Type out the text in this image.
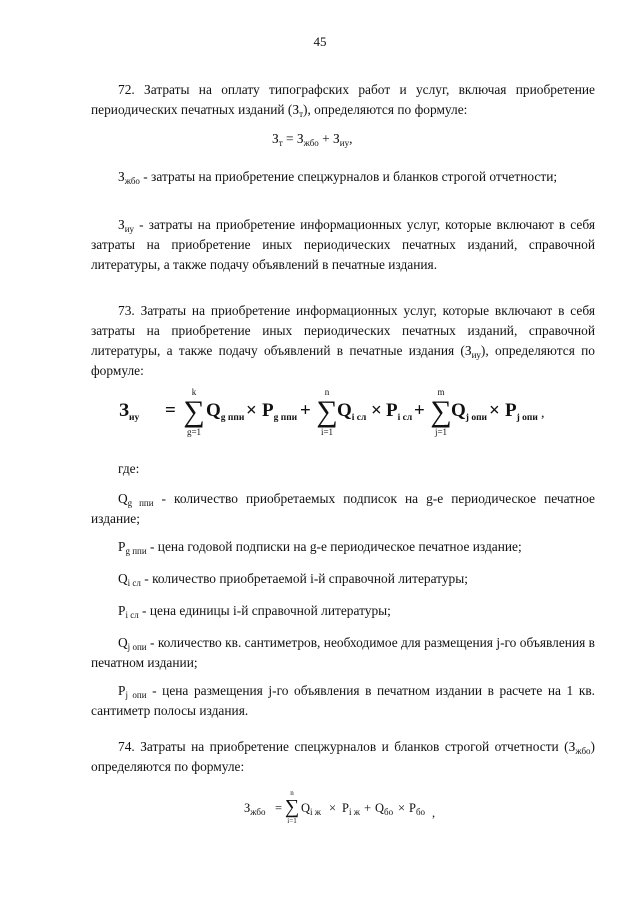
45
72. Затраты на оплату типографских работ и услуг, включая приобретение периодических печатных изданий $(З_т)$, определяются по формуле:
$З_т = З_{жбо} + З_{иу}$,
$З_{жбо}$ - затраты на приобретение спецжурналов и бланков строгой отчетности;
$З_{иу}$ - затраты на приобретение информационных услуг, которые включают в себя затраты на приобретение иных периодических печатных изданий, справочной литературы, а также подачу объявлений в печатные издания.
73. Затраты на приобретение информационных услуг, которые включают в себя затраты на приобретение иных периодических печатных изданий, справочной литературы, а также подачу объявлений в печатные издания $(З_{иу})$, определяются по формуле:
$З_{иу}$ =
k
∑
g=1
$Q_{g ппи} \times P_{g ппи}$ +
n
∑
i=1
$Q_{i сл} \times P_{i сл}$ +
m
∑
j=1
$Q_{j опи} \times P_{j опи}$ ,
где:
$Q_{g ппи}$ - количество приобретаемых подписок на g-е периодическое печатное издание;
$P_{g ппи}$ - цена годовой подписки на g-е периодическое печатное издание;
$Q_{i сл}$ - количество приобретаемой i-й справочной литературы;
$P_{i сл}$ - цена единицы i-й справочной литературы;
$Q_{j опи}$ - количество кв. сантиметров, необходимое для размещения j-го объявления в печатном издании;
$P_{j опи}$ - цена размещения j-го объявления в печатном издании в расчете на 1 кв. сантиметр полосы издания.
74. Затраты на приобретение спецжурналов и бланков строгой отчетности $(З_{жбо})$ определяются по формуле:
$З_{жбо}$ =
n
∑
i=1
$Q_{i ж} \times P_{i ж} + Q_{бо} \times P_{бо}$ ,
